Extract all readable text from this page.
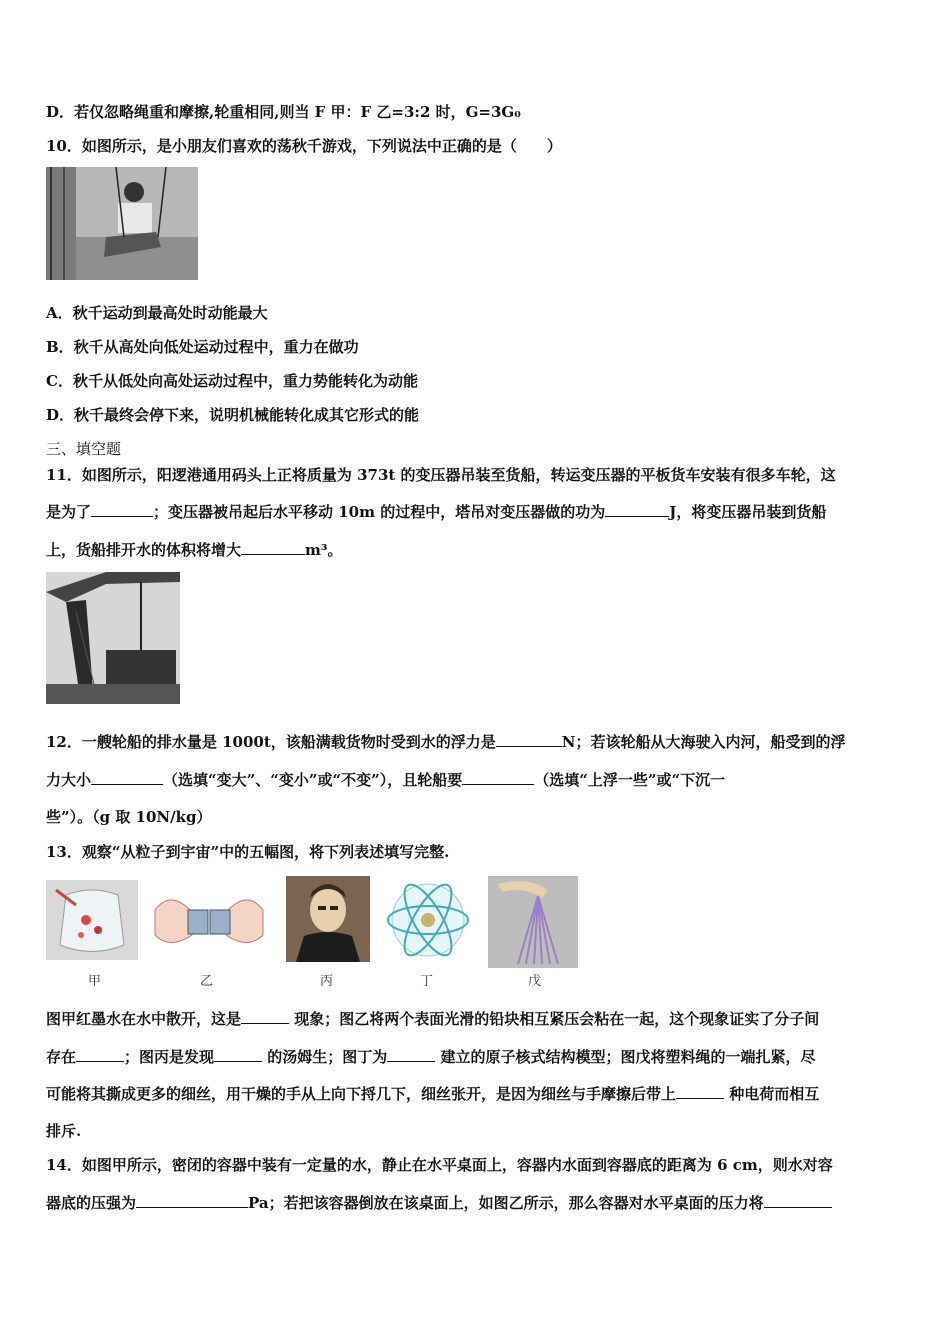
D．若仅忽略绳重和摩擦,轮重相同,则当 F 甲：F 乙=3:2 时，G=3G₀
10．如图所示，是小朋友们喜欢的荡秋千游戏，下列说法中正确的是（　　）
A．秋千运动到最高处时动能最大
B．秋千从高处向低处运动过程中，重力在做功
C．秋千从低处向高处运动过程中，重力势能转化为动能
D．秋千最终会停下来，说明机械能转化成其它形式的能
三、填空题
11．如图所示，阳逻港通用码头上正将质量为 373t 的变压器吊装至货船，转运变压器的平板货车安装有很多车轮，这
是为了	；变压器被吊起后水平移动 10m 的过程中，塔吊对变压器做的功为	J，将变压器吊装到货船
上，货船排开水的体积将增大	m³。
12．一艘轮船的排水量是 1000t，该船满载货物时受到水的浮力是	N；若该轮船从大海驶入内河，船受到的浮
力大小	（选填“变大”、“变小”或“不变”），且轮船要	（选填“上浮一些”或“下沉一
些”）。（g 取 10N/kg）
13．观察“从粒子到宇宙”中的五幅图，将下列表述填写完整.
甲	乙	丙	丁	戊
图甲红墨水在水中散开，这是	现象；图乙将两个表面光滑的铅块相互紧压会粘在一起，这个现象证实了分子间
存在	；图丙是发现	的汤姆生；图丁为	建立的原子核式结构模型；图戊将塑料绳的一端扎紧，尽
可能将其撕成更多的细丝，用干燥的手从上向下捋几下，细丝张开，是因为细丝与手摩擦后带上	种电荷而相互
排斥.
14．如图甲所示，密闭的容器中装有一定量的水，静止在水平桌面上，容器内水面到容器底的距离为 6 cm，则水对容
器底的压强为	Pa；若把该容器倒放在该桌面上，如图乙所示，那么容器对水平桌面的压力将
